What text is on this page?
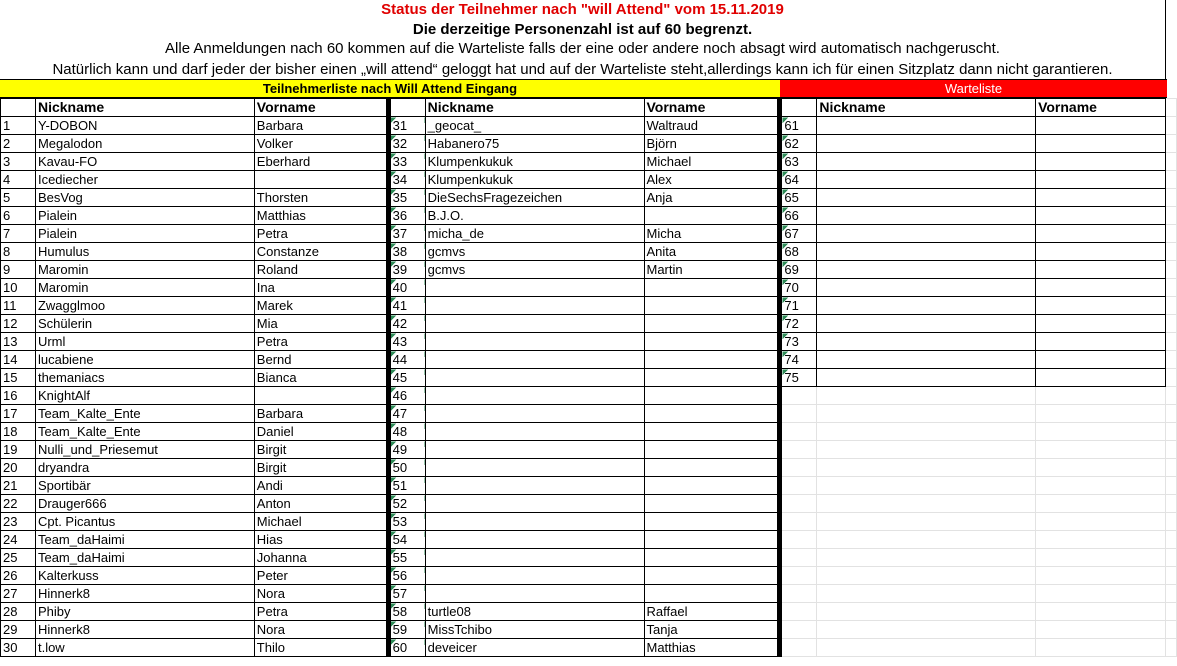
Status der Teilnehmer nach "will Attend" vom 15.11.2019
Die derzeitige Personenzahl ist auf 60 begrenzt.
Alle Anmeldungen nach 60 kommen auf die Warteliste falls der eine oder andere noch absagt wird automatisch nachgeruscht.
Natürlich kann und darf jeder der bisher einen „will attend“ geloggt hat und auf der Warteliste steht,allerdings kann ich für einen Sitzplatz dann nicht garantieren.
Teilnehmerliste nach Will Attend Eingang	Warteliste
	Nickname	Vorname		Nickname	Vorname		Nickname	Vorname	
1	Y-DOBON	Barbara	31	_geocat_	Waltraud	61			
2	Megalodon	Volker	32	Habanero75	Björn	62			
3	Kavau-FO	Eberhard	33	Klumpenkukuk	Michael	63			
4	Icediecher		34	Klumpenkukuk	Alex	64			
5	BesVog	Thorsten	35	DieSechsFragezeichen	Anja	65			
6	Pialein	Matthias	36	B.J.O.		66			
7	Pialein	Petra	37	micha_de	Micha	67			
8	Humulus	Constanze	38	gcmvs	Anita	68			
9	Maromin	Roland	39	gcmvs	Martin	69			
10	Maromin	Ina	40			70			
11	Zwagglmoo	Marek	41			71			
12	Schülerin	Mia	42			72			
13	Urml	Petra	43			73			
14	lucabiene	Bernd	44			74			
15	themaniacs	Bianca	45			75			
16	KnightAlf		46						
17	Team_Kalte_Ente	Barbara	47						
18	Team_Kalte_Ente	Daniel	48						
19	Nulli_und_Priesemut	Birgit	49						
20	dryandra	Birgit	50						
21	Sportibär	Andi	51						
22	Drauger666	Anton	52						
23	Cpt. Picantus	Michael	53						
24	Team_daHaimi	Hias	54						
25	Team_daHaimi	Johanna	55						
26	Kalterkuss	Peter	56						
27	Hinnerk8	Nora	57						
28	Phiby	Petra	58	turtle08	Raffael				
29	Hinnerk8	Nora	59	MissTchibo	Tanja				
30	t.low	Thilo	60	deveicer	Matthias				
